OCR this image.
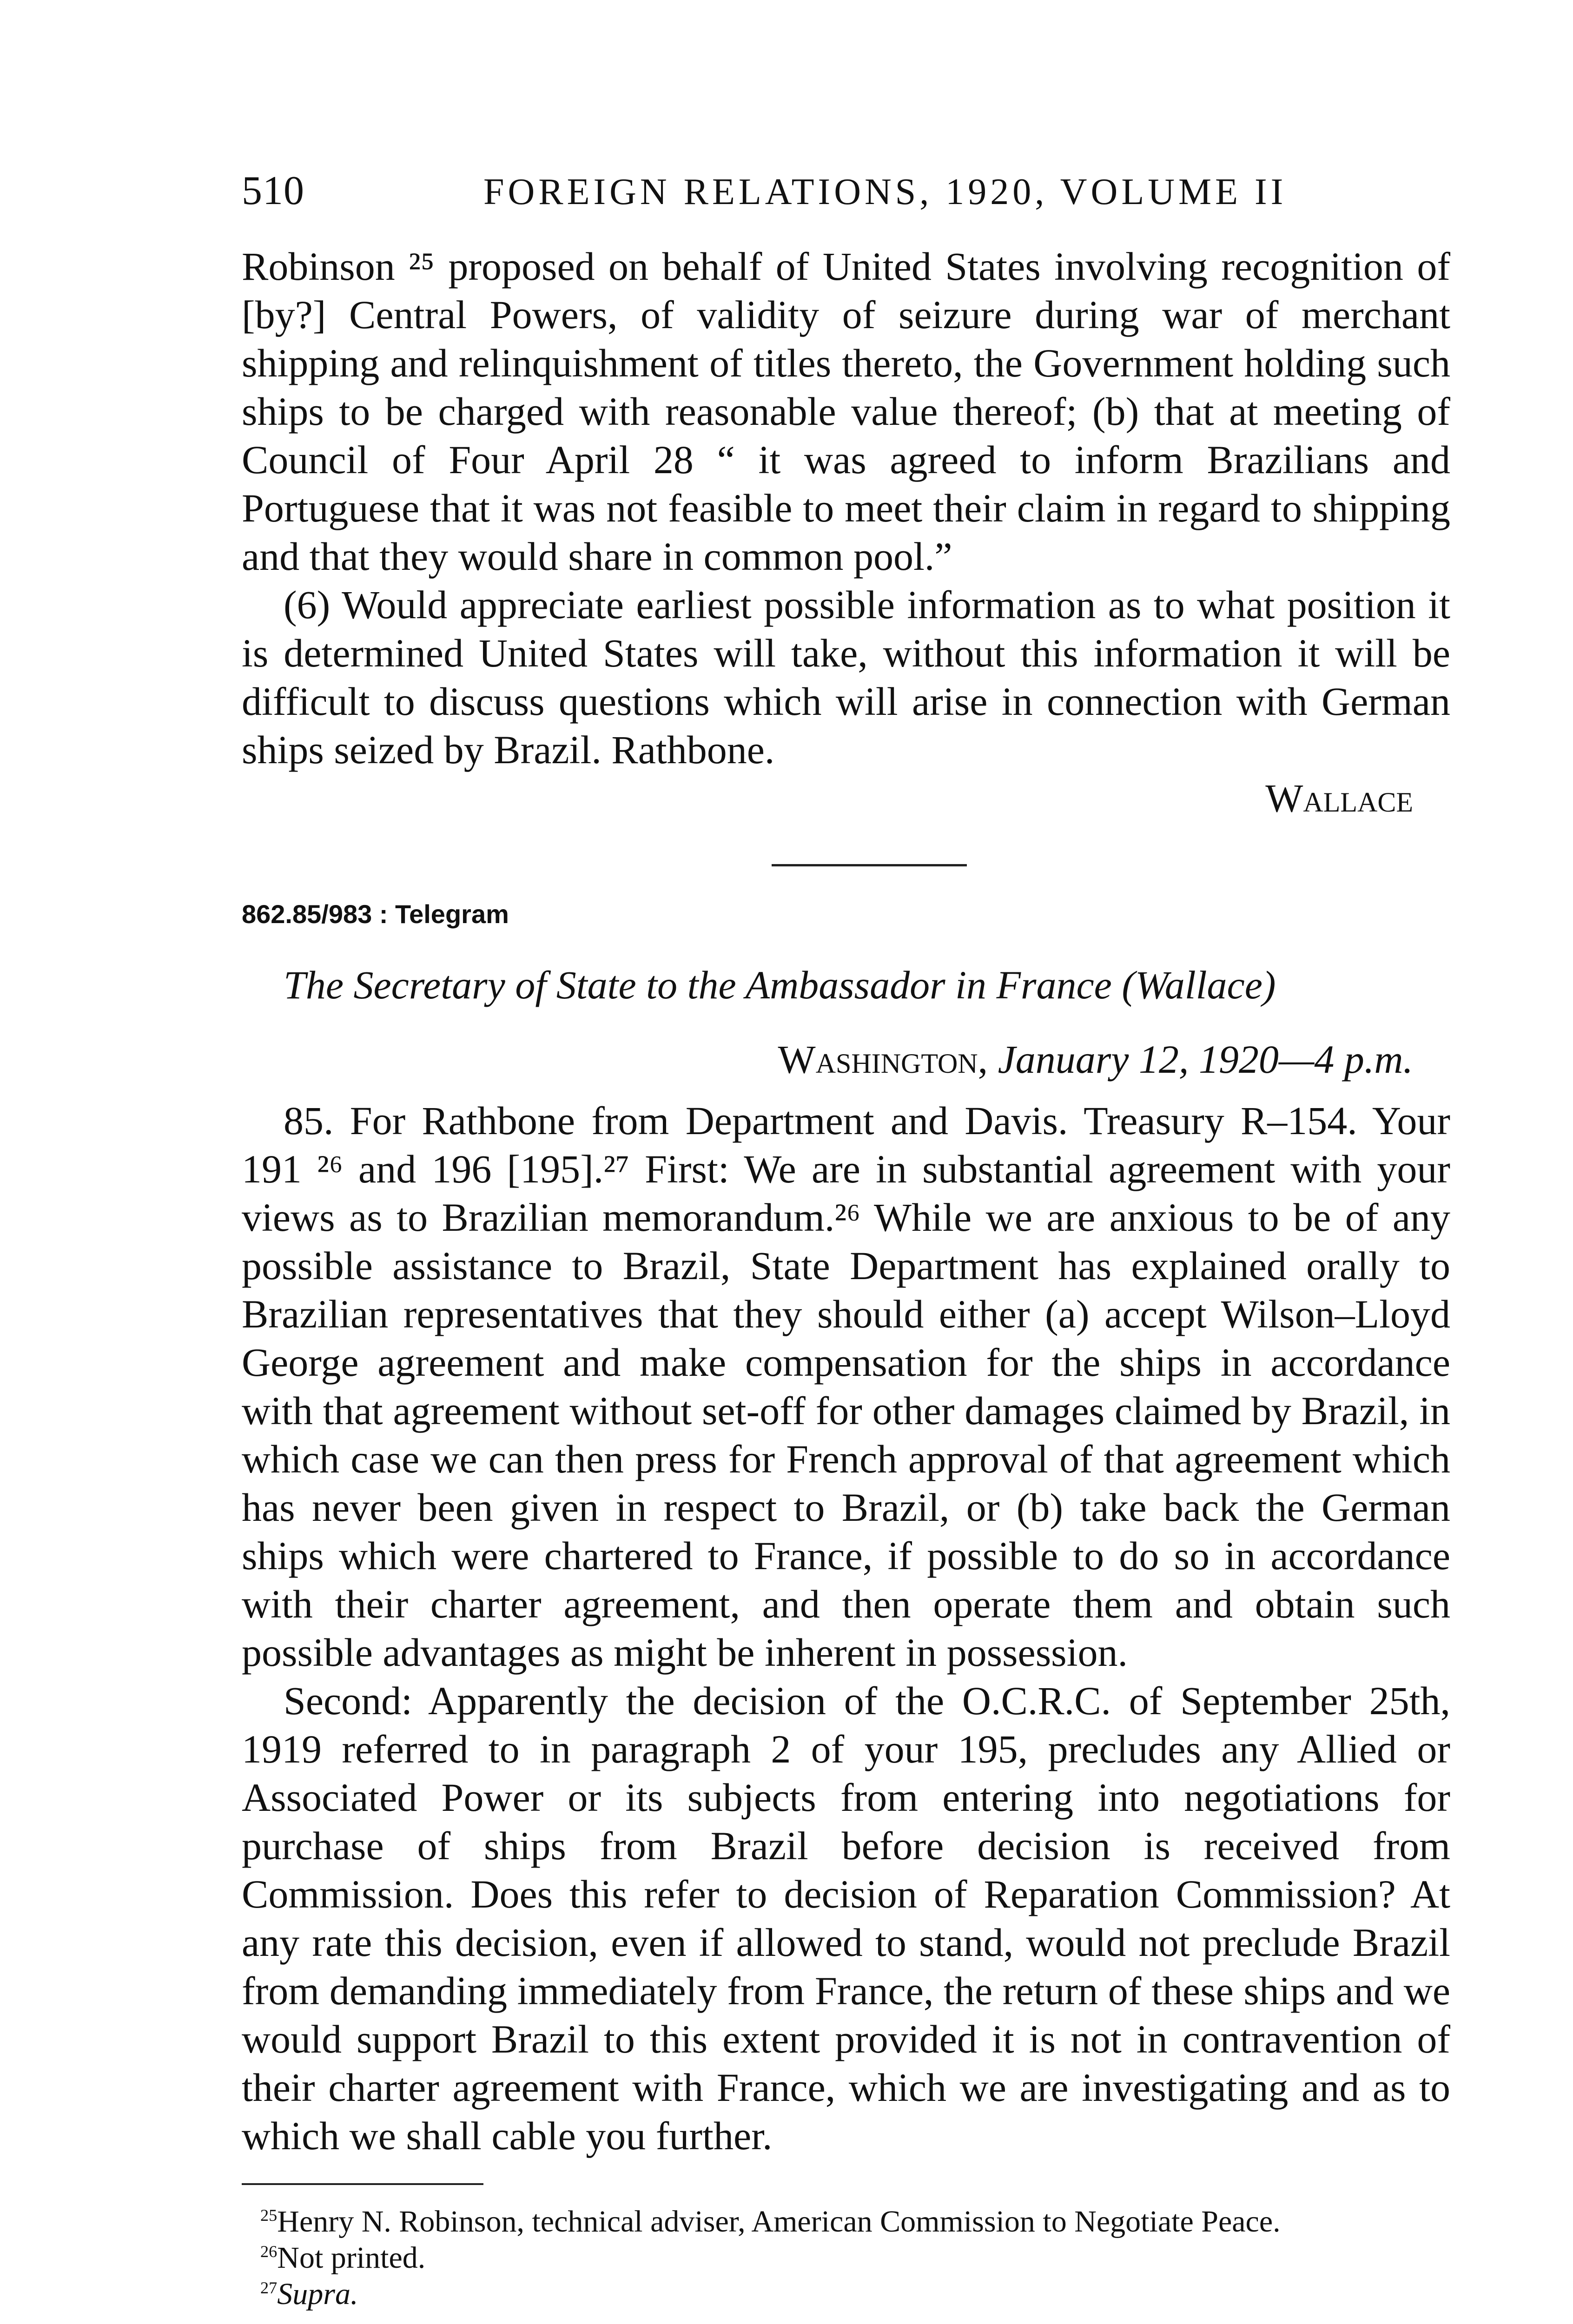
510	FOREIGN RELATIONS, 1920, VOLUME II

Robinson ²⁵ proposed on behalf of United States involving recognition of [by?] Central Powers, of validity of seizure during war of merchant shipping and relinquishment of titles thereto, the Government holding such ships to be charged with reasonable value thereof; (b) that at meeting of Council of Four April 28 “ it was agreed to inform Brazilians and Portuguese that it was not feasible to meet their claim in regard to shipping and that they would share in common pool.”

(6) Would appreciate earliest possible information as to what position it is determined United States will take, without this information it will be difficult to discuss questions which will arise in connection with German ships seized by Brazil. Rathbone.

Wallace
862.85/983 : Telegram
The Secretary of State to the Ambassador in France (Wallace)
Washington, January 12, 1920—4 p.m.

85. For Rathbone from Department and Davis. Treasury R–154. Your 191 ²⁶ and 196 [195].²⁷ First: We are in substantial agreement with your views as to Brazilian memorandum.²⁶ While we are anxious to be of any possible assistance to Brazil, State Department has explained orally to Brazilian representatives that they should either (a) accept Wilson–Lloyd George agreement and make compensation for the ships in accordance with that agreement without set-off for other damages claimed by Brazil, in which case we can then press for French approval of that agreement which has never been given in respect to Brazil, or (b) take back the German ships which were chartered to France, if possible to do so in accordance with their charter agreement, and then operate them and obtain such possible advantages as might be inherent in possession.

Second: Apparently the decision of the O.C.R.C. of September 25th, 1919 referred to in paragraph 2 of your 195, precludes any Allied or Associated Power or its subjects from entering into negotiations for purchase of ships from Brazil before decision is received from Commission. Does this refer to decision of Reparation Commission? At any rate this decision, even if allowed to stand, would not preclude Brazil from demanding immediately from France, the return of these ships and we would support Brazil to this extent provided it is not in contravention of their charter agreement with France, which we are investigating and as to which we shall cable you further.

$^{25}$Henry N. Robinson, technical adviser, American Commission to Negotiate Peace.
$^{26}$Not printed.
$^{27}$Supra.
